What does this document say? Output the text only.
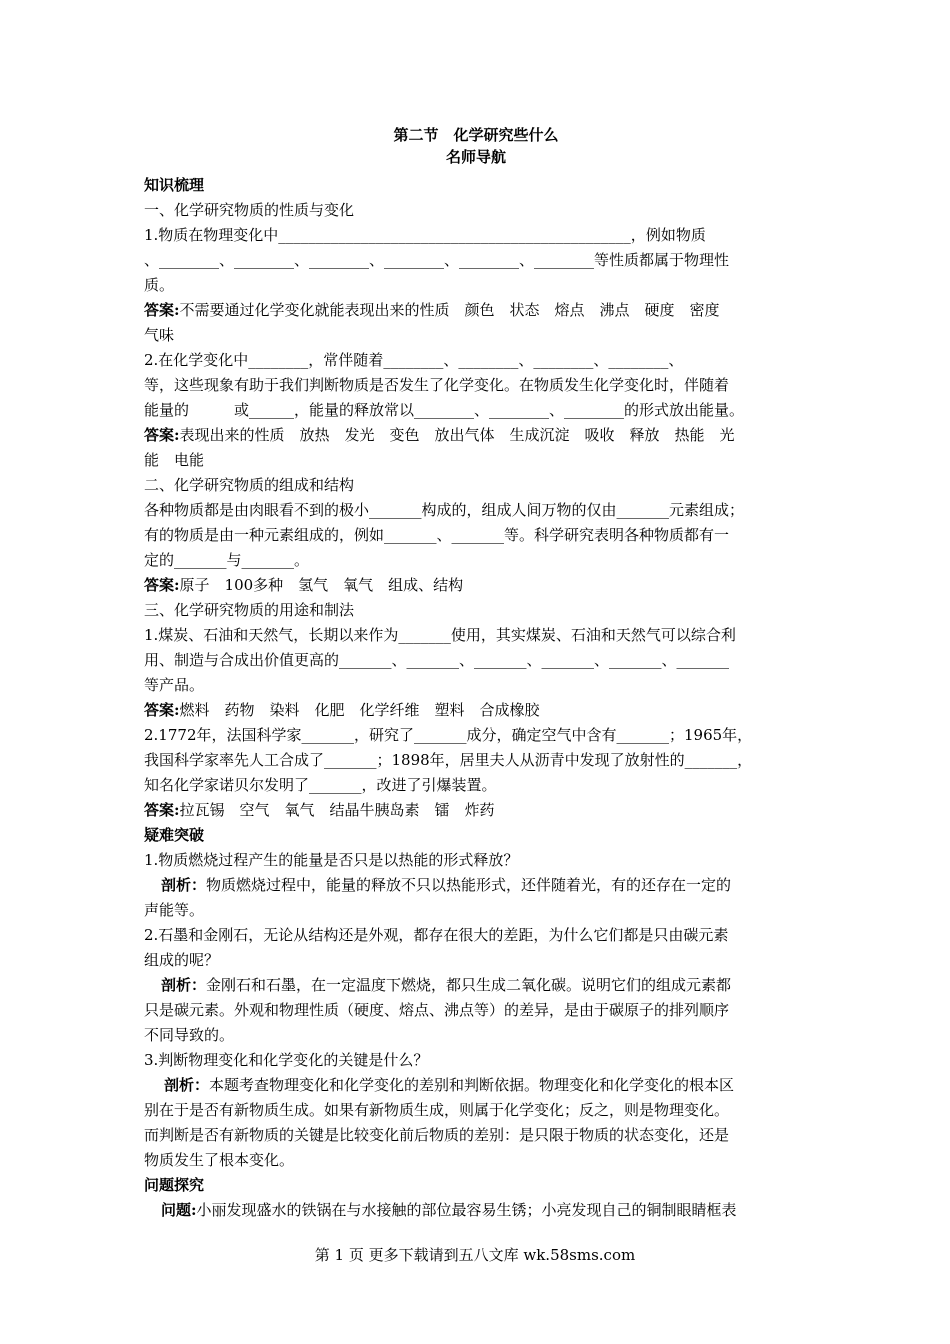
第二节　化学研究些什么

名师导航

知识梳理

一、化学研究物质的性质与变化

1.物质在物理变化中_______________________________________________，例如物质

、________、________、________、________、________、________等性质都属于物理性

质。

答案:不需要通过化学变化就能表现出来的性质　颜色　状态　熔点　沸点　硬度　密度

气味

2.在化学变化中________，常伴随着________、________、________、________、

等，这些现象有助于我们判断物质是否发生了化学变化。在物质发生化学变化时，伴随着

能量的　　　或______，能量的释放常以________、________、________的形式放出能量。

答案:表现出来的性质　放热　发光　变色　放出气体　生成沉淀　吸收　释放　热能　光

能　电能

二、化学研究物质的组成和结构

各种物质都是由肉眼看不到的极小_______构成的，组成人间万物的仅由_______元素组成；

有的物质是由一种元素组成的，例如_______、_______等。科学研究表明各种物质都有一

定的_______与_______。

答案:原子　100多种　氢气　氧气　组成、结构

三、化学研究物质的用途和制法

1.煤炭、石油和天然气，长期以来作为_______使用，其实煤炭、石油和天然气可以综合利

用、制造与合成出价值更高的_______、_______、_______、_______、_______、_______

等产品。

答案:燃料　药物　染料　化肥　化学纤维　塑料　合成橡胶

2.1772年，法国科学家_______，研究了_______成分，确定空气中含有_______；1965年，

我国科学家率先人工合成了_______；1898年，居里夫人从沥青中发现了放射性的_______，

知名化学家诺贝尔发明了_______，改进了引爆装置。

答案:拉瓦锡　空气　氧气　结晶牛胰岛素　镭　炸药

疑难突破

1.物质燃烧过程产生的能量是否只是以热能的形式释放？

剖析：物质燃烧过程中，能量的释放不只以热能形式，还伴随着光，有的还存在一定的

声能等。

2.石墨和金刚石，无论从结构还是外观，都存在很大的差距，为什么它们都是只由碳元素

组成的呢？

剖析：金刚石和石墨，在一定温度下燃烧，都只生成二氧化碳。说明它们的组成元素都

只是碳元素。外观和物理性质（硬度、熔点、沸点等）的差异，是由于碳原子的排列顺序

不同导致的。

3.判断物理变化和化学变化的关键是什么？

剖析：本题考查物理变化和化学变化的差别和判断依据。物理变化和化学变化的根本区

别在于是否有新物质生成。如果有新物质生成，则属于化学变化；反之，则是物理变化。

而判断是否有新物质的关键是比较变化前后物质的差别：是只限于物质的状态变化，还是

物质发生了根本变化。

问题探究

问题:小丽发现盛水的铁锅在与水接触的部位最容易生锈；小亮发现自己的铜制眼睛框表

第 1 页 更多下载请到五八文库 wk.58sms.com
